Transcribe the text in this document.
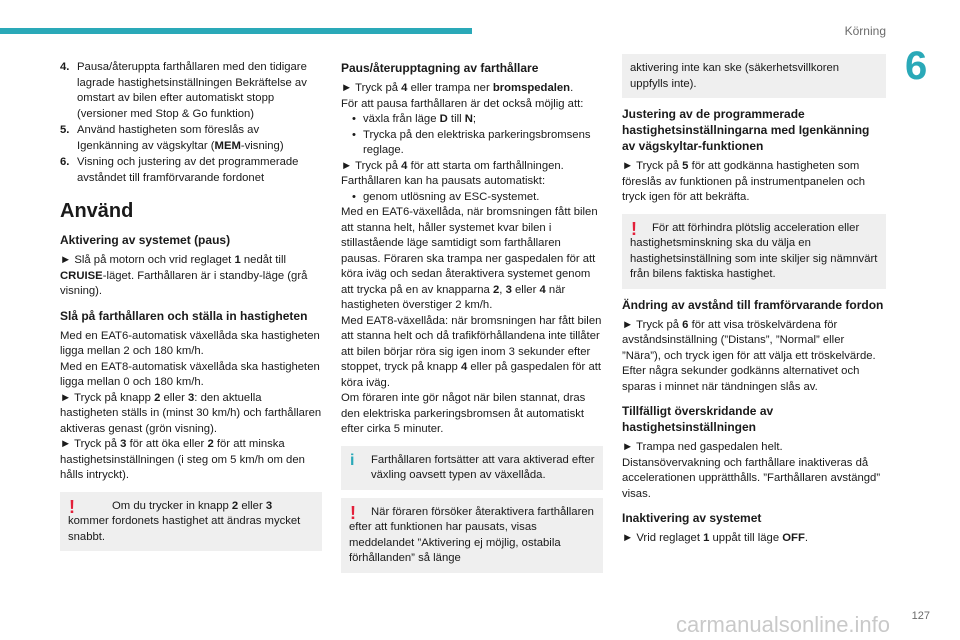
Körning
6
4. Pausa/återuppta farthållaren med den tidigare lagrade hastighetsinställningen Bekräftelse av omstart av bilen efter automatiskt stopp (versioner med Stop & Go funktion)
5. Använd hastigheten som föreslås av Igenkänning av vägskyltar (MEM-visning)
6. Visning och justering av det programmerade avståndet till framförvarande fordonet
Använd
Aktivering av systemet (paus)

► Slå på motorn och vrid reglaget 1 nedåt till CRUISE-läget. Farthållaren är i standby-läge (grå visning).

Slå på farthållaren och ställa in hastigheten

Med en EAT6-automatisk växellåda ska hastigheten ligga mellan 2 och 180 km/h.

Med en EAT8-automatisk växellåda ska hastigheten ligga mellan 0 och 180 km/h.

► Tryck på knapp 2 eller 3: den aktuella hastigheten ställs in (minst 30 km/h) och farthållaren aktiveras genast (grön visning).

► Tryck på 3 för att öka eller 2 för att minska hastighetsinställningen (i steg om 5 km/h om den hålls intryckt).

!	Om du trycker in knapp 2 eller 3 kommer fordonets hastighet att ändras mycket snabbt.
Paus/återupptagning av farthållare

► Tryck på 4 eller trampa ner bromspedalen.

För att pausa farthållaren är det också möjlig att:

• växla från läge D till N;
• Trycka på den elektriska parkeringsbromsens reglage.

► Tryck på 4 för att starta om farthållningen.

Farthållaren kan ha pausats automatiskt:

• genom utlösning av ESC-systemet.

Med en EAT6-växellåda, när bromsningen fått bilen att stanna helt, håller systemet kvar bilen i stillastående läge samtidigt som farthållaren pausas. Föraren ska trampa ner gaspedalen för att köra iväg och sedan återaktivera systemet genom att trycka på en av knapparna 2, 3 eller 4 när hastigheten överstiger 2 km/h.

Med EAT8-växellåda: när bromsningen har fått bilen att stanna helt och då trafikförhållandena inte tillåter att bilen börjar röra sig igen inom 3 sekunder efter stoppet, tryck på knapp 4 eller på gaspedalen för att köra iväg.

Om föraren inte gör något när bilen stannat, dras den elektriska parkeringsbromsen åt automatiskt efter cirka 5 minuter.

i	Farthållaren fortsätter att vara aktiverad efter växling oavsett typen av växellåda.
!	När föraren försöker återaktivera farthållaren efter att funktionen har pausats, visas meddelandet ”Aktivering ej möjlig, ostabila förhållanden” så länge
aktivering inte kan ske (säkerhetsvillkoren uppfylls inte).
Justering av de programmerade hastighetsinställningarna med Igenkänning av vägskyltar-funktionen

► Tryck på 5 för att godkänna hastigheten som föreslås av funktionen på instrumentpanelen och tryck igen för att bekräfta.

!	För att förhindra plötslig acceleration eller hastighetsminskning ska du välja en hastighetsinställning som inte skiljer sig nämnvärt från bilens faktiska hastighet.
Ändring av avstånd till framförvarande fordon

► Tryck på 6 för att visa tröskelvärdena för avståndsinställning (”Distans”, ”Normal” eller ”Nära”), och tryck igen för att välja ett tröskelvärde.

Efter några sekunder godkänns alternativet och sparas i minnet när tändningen slås av.

Tillfälligt överskridande av hastighetsinställningen

► Trampa ned gaspedalen helt.

Distansövervakning och farthållare inaktiveras då accelerationen upprätthålls. ”Farthållaren avstängd” visas.

Inaktivering av systemet

► Vrid reglaget 1 uppåt till läge OFF.

127
carmanualsonline.info
